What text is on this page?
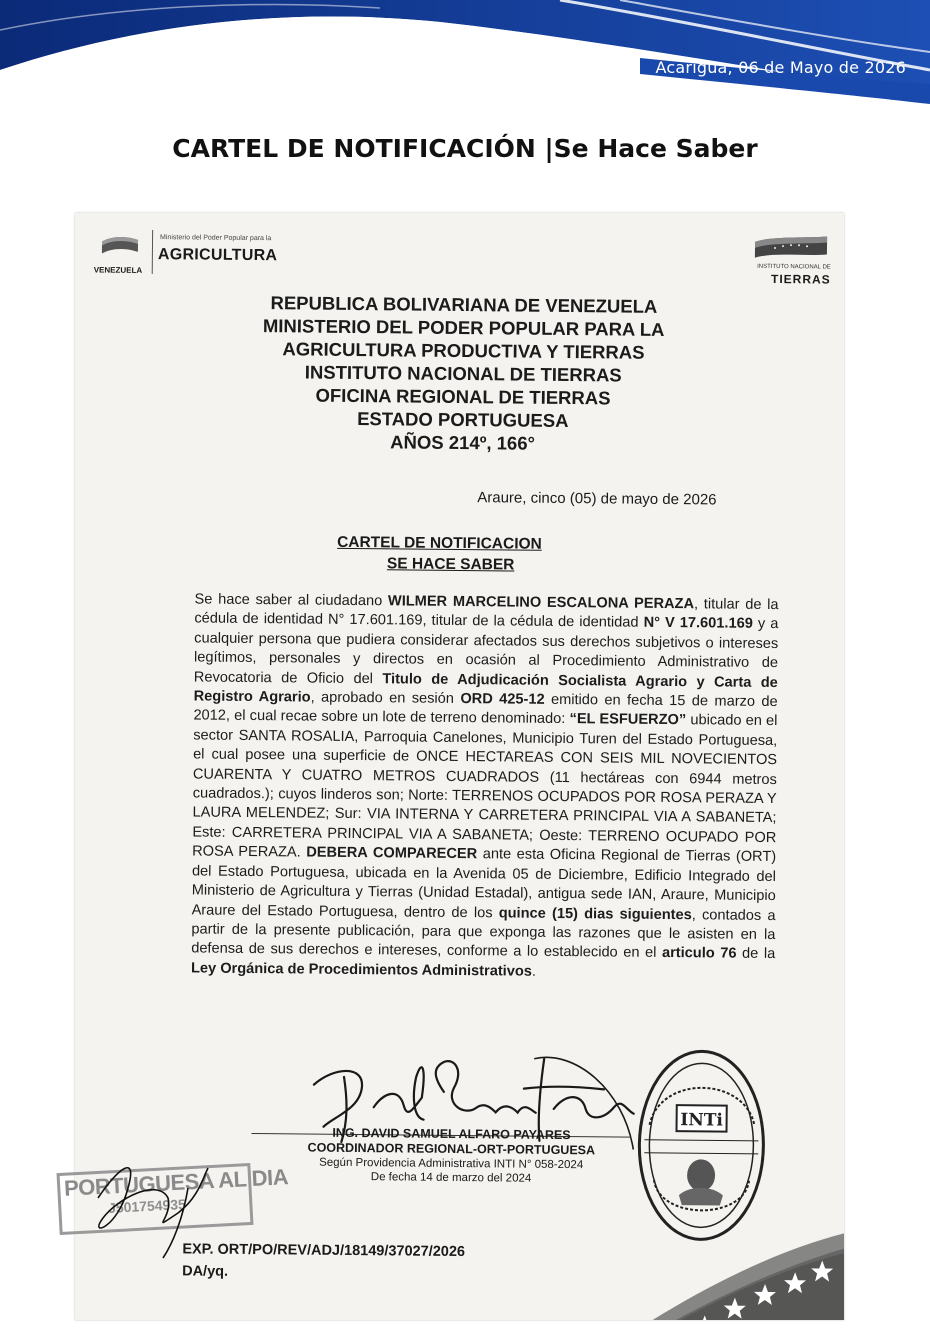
Acarigua, 06 de Mayo de 2026
CARTEL DE NOTIFICACIÓN |Se Hace Saber
VENEZUELA
Ministerio del Poder Popular para la
AGRICULTURA
INSTITUTO NACIONAL DE
TIERRAS
REPUBLICA BOLIVARIANA DE VENEZUELA
MINISTERIO DEL PODER POPULAR PARA LA
AGRICULTURA PRODUCTIVA Y TIERRAS
INSTITUTO NACIONAL DE TIERRAS
OFICINA REGIONAL DE TIERRAS
ESTADO PORTUGUESA
AÑOS 214º, 166°
Araure, cinco (05) de mayo de 2026
CARTEL DE NOTIFICACION
SE HACE SABER
Se hace saber al ciudadano WILMER MARCELINO ESCALONA PERAZA, titular de la cédula de identidad N° 17.601.169, titular de la cédula de identidad N° V 17.601.169 y a cualquier persona que pudiera considerar afectados sus derechos subjetivos o intereses legítimos, personales y directos en ocasión al Procedimiento Administrativo de Revocatoria de Oficio del Titulo de Adjudicación Socialista Agrario y Carta de Registro Agrario, aprobado en sesión ORD 425-12 emitido en fecha 15 de marzo de 2012, el cual recae sobre un lote de terreno denominado: “EL ESFUERZO” ubicado en el sector SANTA ROSALIA, Parroquia Canelones, Municipio Turen del Estado Portuguesa, el cual posee una superficie de ONCE HECTAREAS CON SEIS MIL NOVECIENTOS CUARENTA Y CUATRO METROS CUADRADOS (11 hectáreas con 6944 metros cuadrados.); cuyos linderos son; Norte: TERRENOS OCUPADOS POR ROSA PERAZA Y LAURA MELENDEZ; Sur: VIA INTERNA Y CARRETERA PRINCIPAL VIA A SABANETA; Este: CARRETERA PRINCIPAL VIA A SABANETA; Oeste: TERRENO OCUPADO POR ROSA PERAZA. DEBERA COMPARECER ante esta Oficina Regional de Tierras (ORT) del Estado Portuguesa, ubicada en la Avenida 05 de Diciembre, Edificio Integrado del Ministerio de Agricultura y Tierras (Unidad Estadal), antigua sede IAN, Araure, Municipio Araure del Estado Portuguesa, dentro de los quince (15) dias siguientes, contados a partir de la presente publicación, para que exponga las razones que le asisten en la defensa de sus derechos e intereses, conforme a lo establecido en el articulo 76 de la Ley Orgánica de Procedimientos Administrativos.
ING. DAVID SAMUEL ALFARO PAYARES
COORDINADOR REGIONAL-ORT-PORTUGUESA
Según Providencia Administrativa INTI N° 058-2024
De fecha 14 de marzo del 2024
INTi
EXP. ORT/PO/REV/ADJ/18149/37027/2026
DA/yq.
PORTUGUESA AL DIA
J501754935
